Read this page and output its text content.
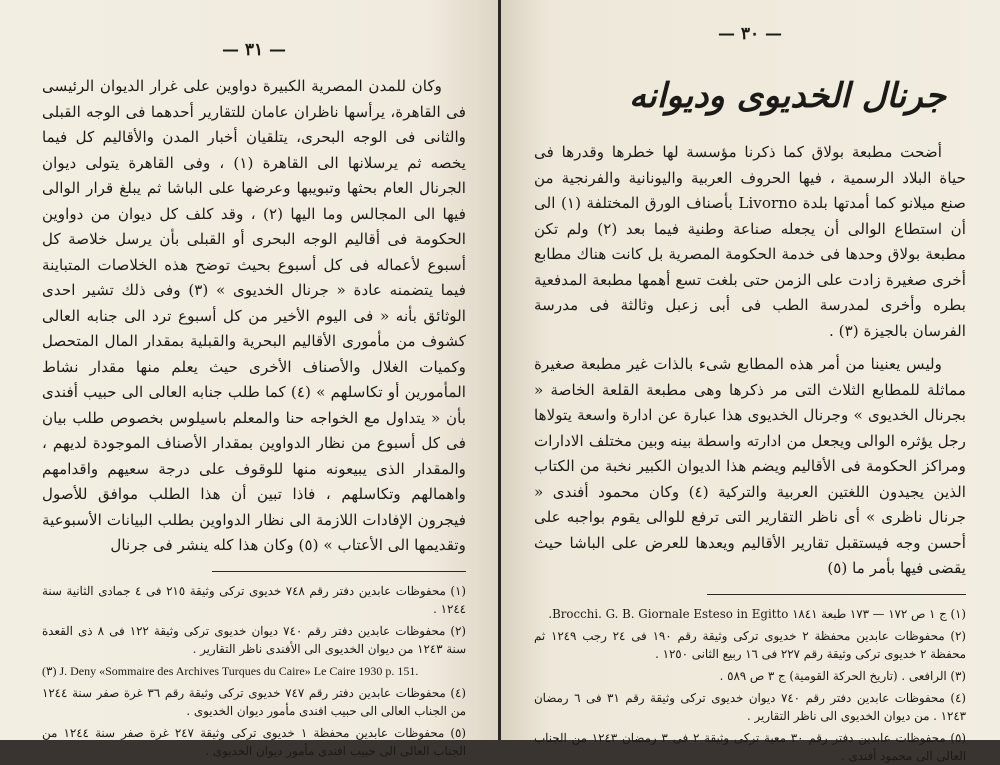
— ٣١ —

وكان للمدن المصرية الكبيرة دواوين على غرار الديوان الرئيسى فى القاهرة، يرأسها ناظران عامان للتقارير أحدهما فى الوجه القبلى والثانى فى الوجه البحرى، يتلقيان أخبار المدن والأقاليم كل فيما يخصه ثم يرسلانها الى القاهرة (١) ، وفى القاهرة يتولى ديوان الجرنال العام بحثها وتبويبها وعرضها على الباشا ثم يبلغ قرار الوالى فيها الى المجالس وما اليها (٢) ، وقد كلف كل ديوان من دواوين الحكومة فى أقاليم الوجه البحرى أو القبلى بأن يرسل خلاصة كل أسبوع لأعماله فى كل أسبوع بحيث توضح هذه الخلاصات المتباينة فيما يتضمنه عادة « جرنال الخديوى » (٣) وفى ذلك تشير احدى الوثائق بأنه « فى اليوم الأخير من كل أسبوع ترد الى جنابه العالى كشوف من مأمورى الأقاليم البحرية والقبلية بمقدار المال المتحصل وكميات الغلال والأصناف الأخرى حيث يعلم منها مقدار نشاط المأمورين أو تكاسلهم » (٤) كما طلب جنابه العالى الى حبيب أفندى بأن « يتداول مع الخواجه حنا والمعلم باسيلوس بخصوص طلب بيان فى كل أسبوع من نظار الدواوين بمقدار الأصناف الموجودة لديهم ، والمقدار الذى يبيعونه منها للوقوف على درجة سعيهم واقدامهم واهمالهم وتكاسلهم ، فاذا تبين أن هذا الطلب موافق للأصول فيجرون الإفادات اللازمة الى نظار الدواوين بطلب البيانات الأسبوعية وتقديمها الى الأعتاب » (٥) وكان هذا كله ينشر فى جرنال

(١) محفوظات عابدين دفتر رقم ٧٤٨ خديوى تركى وثيقة ٢١٥ فى ٤ جمادى الثانية سنة ١٢٤٤ .
(٢) محفوظات عابدين دفتر رقم ٧٤٠ ديوان خديوى تركى وثيقة ١٢٢ فى ٨ ذى القعدة سنة ١٢٤٣ من ديوان الخديوى الى الأفندى ناظر التقارير .
(٣) J. Deny «Sommaire des Archives Turques du Caire» Le Caire 1930 p. 151.
(٤) محفوظات عابدين دفتر رقم ٧٤٧ خديوى تركى وثيقة رقم ٣٦ غرة صفر سنة ١٢٤٤ من الجناب العالى الى حبيب افندى مأمور ديوان الخديوى .
(٥) محفوظات عابدين محفظة ١ خديوى تركى وثيقة ٢٤٧ غرة صفر سنة ١٢٤٤ من الجناب العالى الى حبيب افندى مأمور ديوان الخديوى .
— ٣٠ —
جرنال الخديوى وديوانه

أضحت مطبعة بولاق كما ذكرنا مؤسسة لها خطرها وقدرها فى حياة البلاد الرسمية ، فيها الحروف العربية واليونانية والفرنجية من صنع ميلانو كما أمدتها بلدة Livorno بأصناف الورق المختلفة (١) الى أن استطاع الوالى أن يجعله صناعة وطنية فيما بعد (٢) ولم تكن مطبعة بولاق وحدها فى خدمة الحكومة المصرية بل كانت هناك مطابع أخرى صغيرة زادت على الزمن حتى بلغت تسع أهمها مطبعة المدفعية بطره وأخرى لمدرسة الطب فى أبى زعبل وثالثة فى مدرسة الفرسان بالجيزة (٣) .

وليس يعنينا من أمر هذه المطابع شىء بالذات غير مطبعة صغيرة مماثلة للمطابع الثلاث التى مر ذكرها وهى مطبعة القلعة الخاصة « بجرنال الخديوى » وجرنال الخديوى هذا عبارة عن ادارة واسعة يتولاها رجل يؤثره الوالى ويجعل من ادارته واسطة بينه وبين مختلف الادارات ومراكز الحكومة فى الأقاليم ويضم هذا الديوان الكبير نخبة من الكتاب الذين يجيدون اللغتين العربية والتركية (٤) وكان محمود أفندى « جرنال ناظرى » أى ناظر التقارير التى ترفع للوالى يقوم بواجبه على أحسن وجه فيستقبل تقارير الأقاليم ويعدها للعرض على الباشا حيث يقضى فيها بأمر ما (٥)

(١) ج ١ ص ١٧٢ — ١٧٣ طبعة ١٨٤١ Brocchi. G. B. Giornale Esteso in Egitto.
(٢) محفوظات عابدين محفظة ٢ خديوى تركى وثيقة رقم ١٩٠ فى ٢٤ رجب ١٢٤٩ ثم محفظة ٢ خديوى تركى وثيقة رقم ٢٢٧ فى ١٦ ربيع الثانى ١٢٥٠ .
(٣) الرافعى . (تاريخ الحركة القومية) ج ٣ ص ٥٨٩ .
(٤) محفوظات عابدين دفتر رقم ٧٤٠ ديوان خديوى تركى وثيقة رقم ٣١ فى ٦ رمضان ١٢٤٣ . من ديوان الخديوى الى ناظر التقارير .
(٥) محفوظات عابدين دفتر رقم ٣٠ معية تركى وثيقة ٢ فى ٣ رمضان ١٢٤٣ من الجناب العالى الى محمود أفندى .
